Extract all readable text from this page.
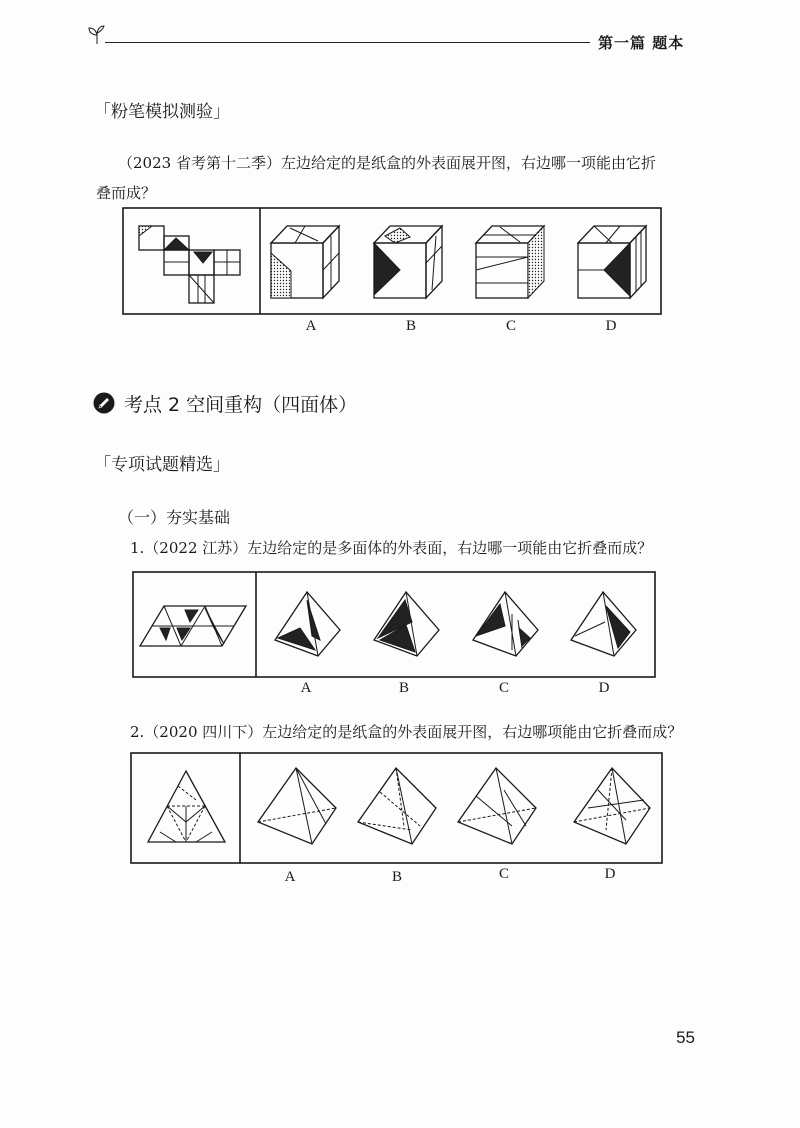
第一篇 题本
「粉笔模拟测验」
（2023 省考第十二季）左边给定的是纸盒的外表面展开图，右边哪一项能由它折
叠而成？
A	B	C	D
考点 2 空间重构（四面体）
「专项试题精选」
（一）夯实基础
1.（2022 江苏）左边给定的是多面体的外表面，右边哪一项能由它折叠而成？
A	B	C	D
2.（2020 四川下）左边给定的是纸盒的外表面展开图，右边哪项能由它折叠而成？
A	B	C	D
55
